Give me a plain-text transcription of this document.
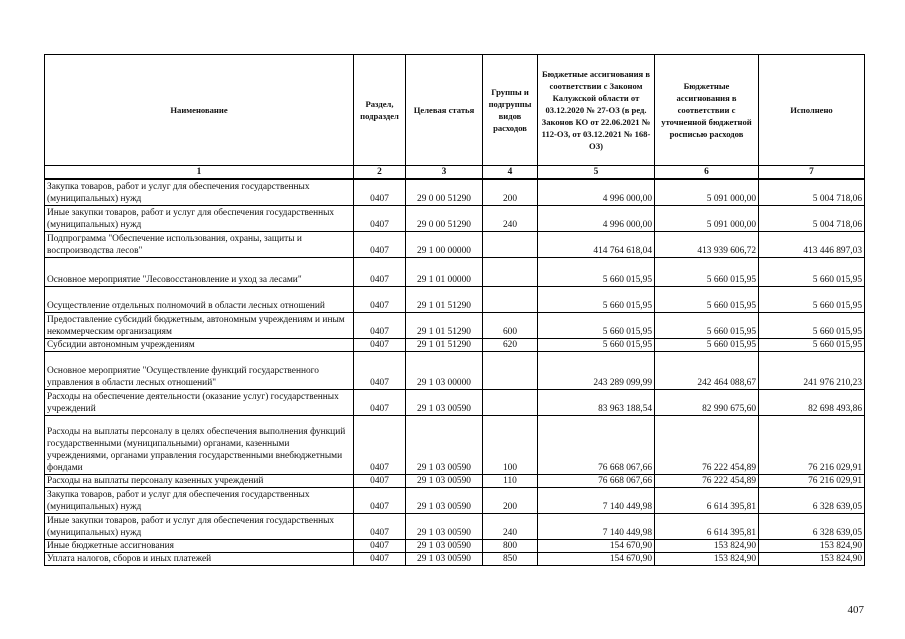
Наименование	Раздел, подраздел	Целевая статья	Группы и подгруппы видов расходов	Бюджетные ассигнования в соответствии с Законом Калужской области от 03.12.2020 № 27-ОЗ (в ред. Законов КО от 22.06.2021 № 112-ОЗ, от 03.12.2021 № 168-ОЗ)	Бюджетные ассигнования в соответствии с уточненной бюджетной росписью расходов	Исполнено
1	2	3	4	5	6	7
Закупка товаров, работ и услуг для обеспечения государственных (муниципальных) нужд	0407	29 0 00 51290	200	4 996 000,00	5 091 000,00	5 004 718,06
Иные закупки товаров, работ и услуг для обеспечения государственных (муниципальных) нужд	0407	29 0 00 51290	240	4 996 000,00	5 091 000,00	5 004 718,06
Подпрограмма "Обеспечение использования, охраны, защиты и воспроизводства лесов"	0407	29 1 00 00000		414 764 618,04	413 939 606,72	413 446 897,03
Основное мероприятие "Лесовосстановление и уход за лесами"	0407	29 1 01 00000		5 660 015,95	5 660 015,95	5 660 015,95
Осуществление отдельных полномочий в области лесных отношений	0407	29 1 01 51290		5 660 015,95	5 660 015,95	5 660 015,95
Предоставление субсидий бюджетным, автономным учреждениям и иным некоммерческим организациям	0407	29 1 01 51290	600	5 660 015,95	5 660 015,95	5 660 015,95
Субсидии автономным учреждениям	0407	29 1 01 51290	620	5 660 015,95	5 660 015,95	5 660 015,95
Основное мероприятие "Осуществление функций государственного управления в области лесных отношений"	0407	29 1 03 00000		243 289 099,99	242 464 088,67	241 976 210,23
Расходы на обеспечение деятельности (оказание услуг) государственных учреждений	0407	29 1 03 00590		83 963 188,54	82 990 675,60	82 698 493,86
Расходы на выплаты персоналу в целях обеспечения выполнения функций государственными (муниципальными) органами, казенными учреждениями, органами управления государственными внебюджетными фондами	0407	29 1 03 00590	100	76 668 067,66	76 222 454,89	76 216 029,91
Расходы на выплаты персоналу казенных учреждений	0407	29 1 03 00590	110	76 668 067,66	76 222 454,89	76 216 029,91
Закупка товаров, работ и услуг для обеспечения государственных (муниципальных) нужд	0407	29 1 03 00590	200	7 140 449,98	6 614 395,81	6 328 639,05
Иные закупки товаров, работ и услуг для обеспечения государственных (муниципальных) нужд	0407	29 1 03 00590	240	7 140 449,98	6 614 395,81	6 328 639,05
Иные бюджетные ассигнования	0407	29 1 03 00590	800	154 670,90	153 824,90	153 824,90
Уплата налогов, сборов и иных платежей	0407	29 1 03 00590	850	154 670,90	153 824,90	153 824,90
407
